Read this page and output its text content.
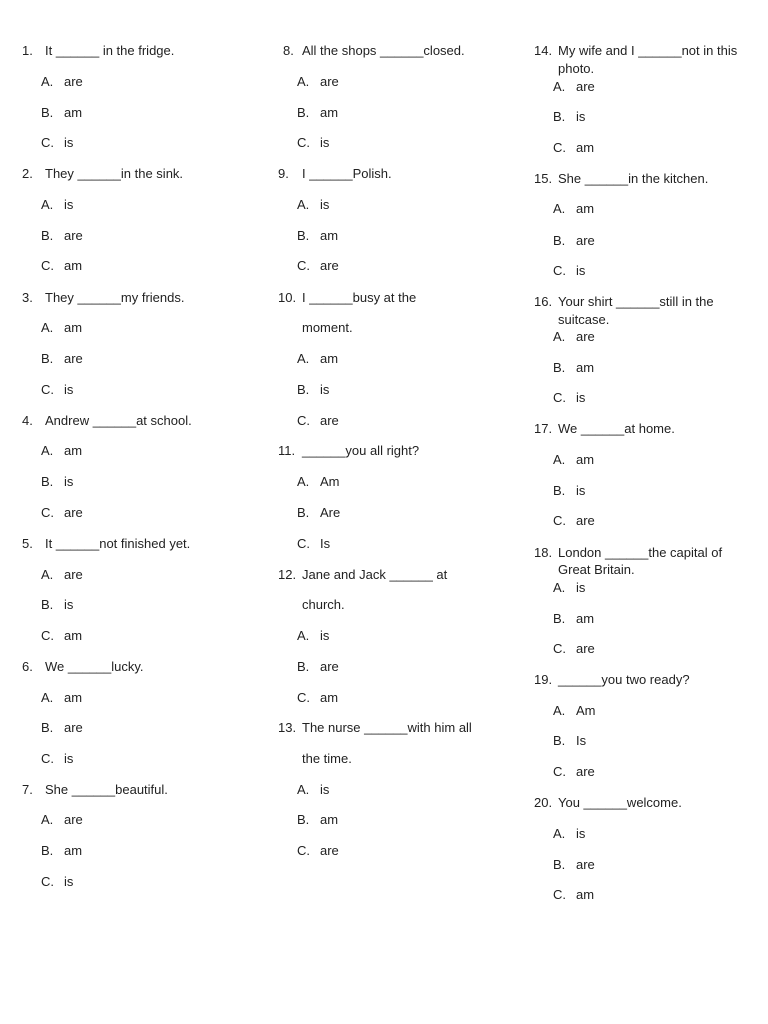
1. It ______ in the fridge.
A. are
B. am
C. is
2. They ______in the sink.
A. is
B. are
C. am
3. They ______my friends.
A. am
B. are
C. is
4. Andrew ______at school.
A. am
B. is
C. are
5. It ______not finished yet.
A. are
B. is
C. am
6. We ______lucky.
A. am
B. are
C. is
7. She ______beautiful.
A. are
B. am
C. is
8. All the shops ______closed.
A. are
B. am
C. is
9. I ______Polish.
A. is
B. am
C. are
10. I ______busy at the
moment.
A. am
B. is
C. are
11. ______you all right?
A. Am
B. Are
C. Is
12. Jane and Jack ______ at
church.
A. is
B. are
C. am
13. The nurse ______with him all
the time.
A. is
B. am
C. are
14. My wife and I ______not in this
photo.
A. are
B. is
C. am
15. She ______in the kitchen.
A. am
B. are
C. is
16. Your shirt ______still in the
suitcase.
A. are
B. am
C. is
17. We ______at home.
A. am
B. is
C. are
18. London ______the capital of
Great Britain.
A. is
B. am
C. are
19. ______you two ready?
A. Am
B. Is
C. are
20. You ______welcome.
A. is
B. are
C. am
